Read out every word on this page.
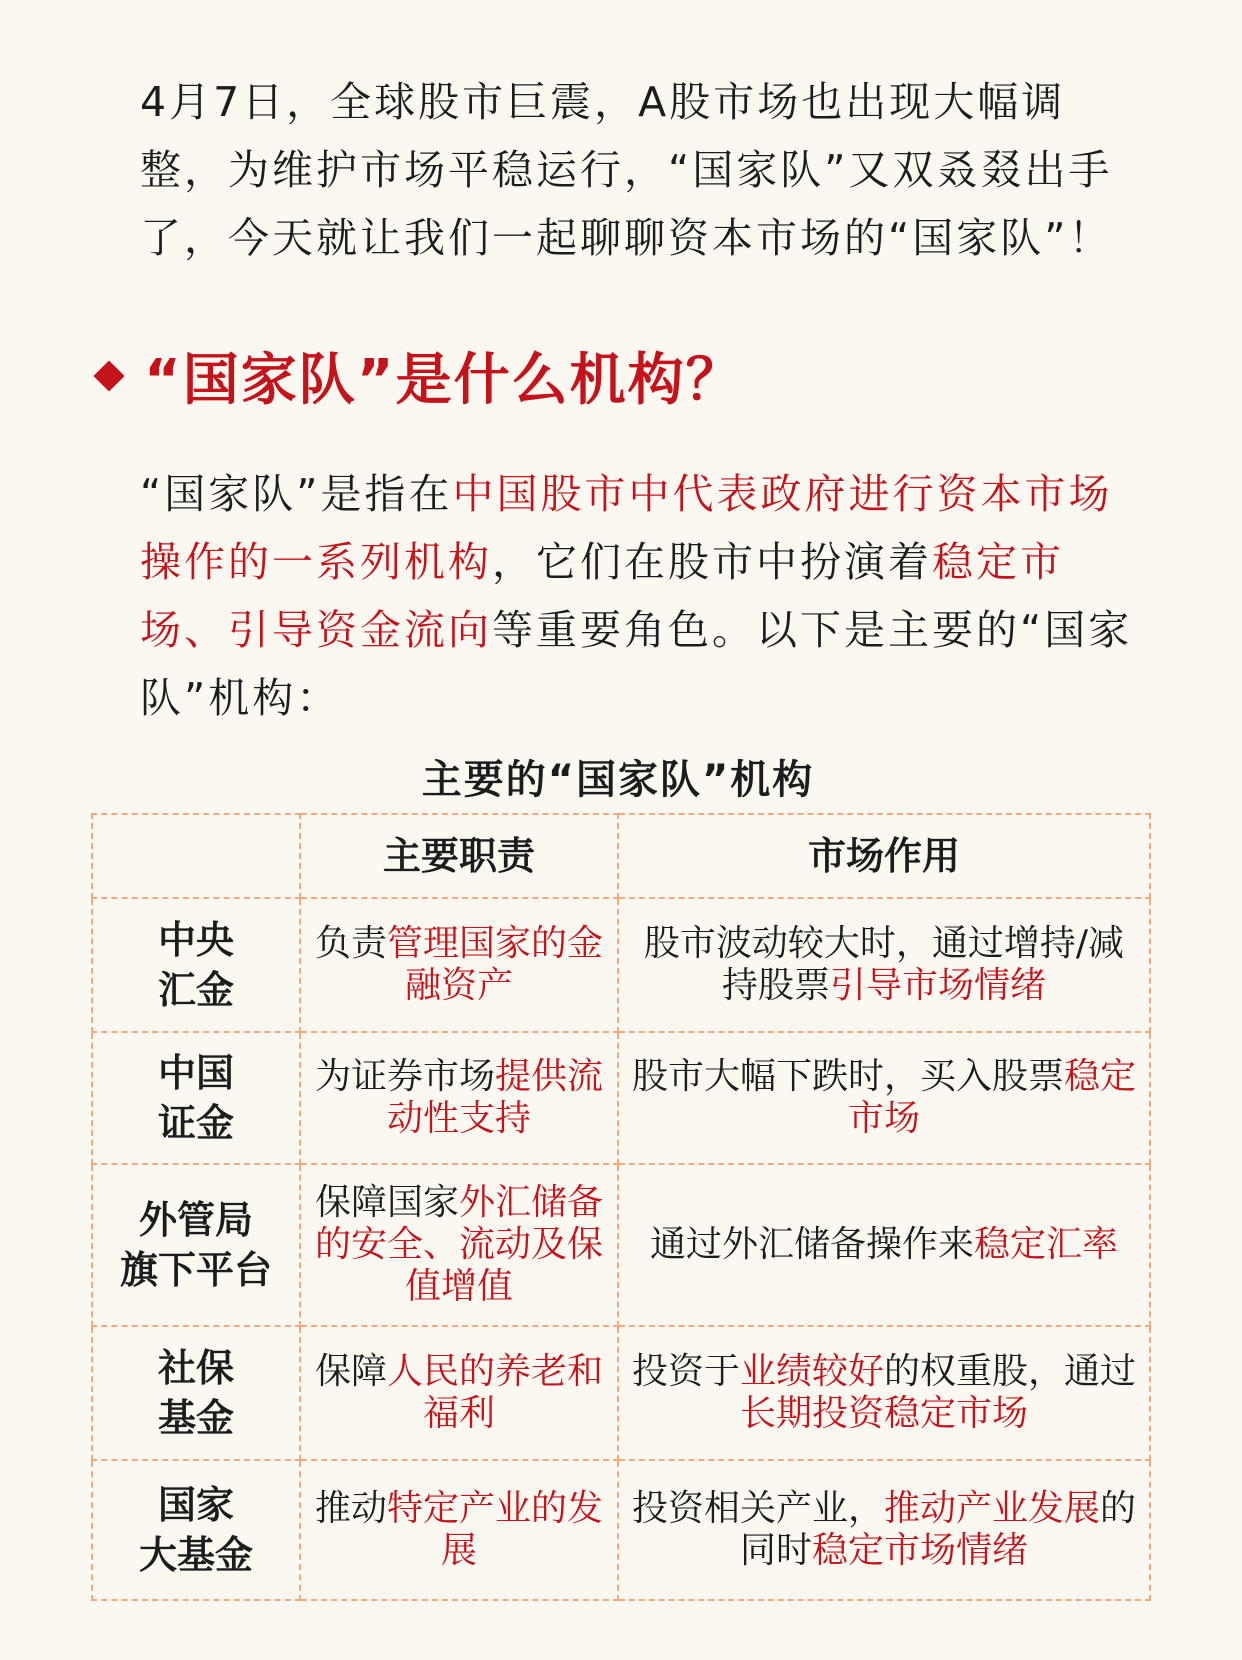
4月7日，全球股市巨震，A股市场也出现大幅调整，为维护市场平稳运行，“国家队”又双叒叕出手了，今天就让我们一起聊聊资本市场的“国家队”！

“国家队”是什么机构？

“国家队”是指在中国股市中代表政府进行资本市场操作的一系列机构，它们在股市中扮演着稳定市场、引导资金流向等重要角色。以下是主要的“国家队”机构：

主要的“国家队”机构
	主要职责	市场作用

中央
汇金	负责管理国家的金融资产	股市波动较大时，通过增持/减持股票引导市场情绪

中国
证金	为证券市场提供流动性支持	股市大幅下跌时，买入股票稳定市场

外管局
旗下平台	保障国家外汇储备的安全、流动及保值增值	通过外汇储备操作来稳定汇率

社保
基金	保障人民的养老和福利	投资于业绩较好的权重股，通过长期投资稳定市场

国家
大基金	推动特定产业的发展	投资相关产业，推动产业发展的同时稳定市场情绪
